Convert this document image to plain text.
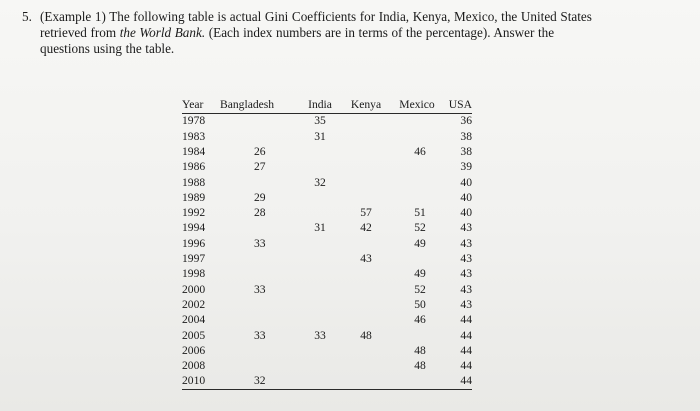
5. (Example 1) The following table is actual Gini Coefficients for India, Kenya, Mexico, the United States
retrieved from the World Bank. (Each index numbers are in terms of the percentage). Answer the
questions using the table.

Year	Bangladesh	India	Kenya	Mexico	USA
1978		35			36
1983		31			38
1984	26			46	38
1986	27				39
1988		32			40
1989	29				40
1992	28		57	51	40
1994		31	42	52	43
1996	33			49	43
1997			43		43
1998				49	43
2000	33			52	43
2002				50	43
2004				46	44
2005	33	33	48		44
2006				48	44
2008				48	44
2010	32				44
